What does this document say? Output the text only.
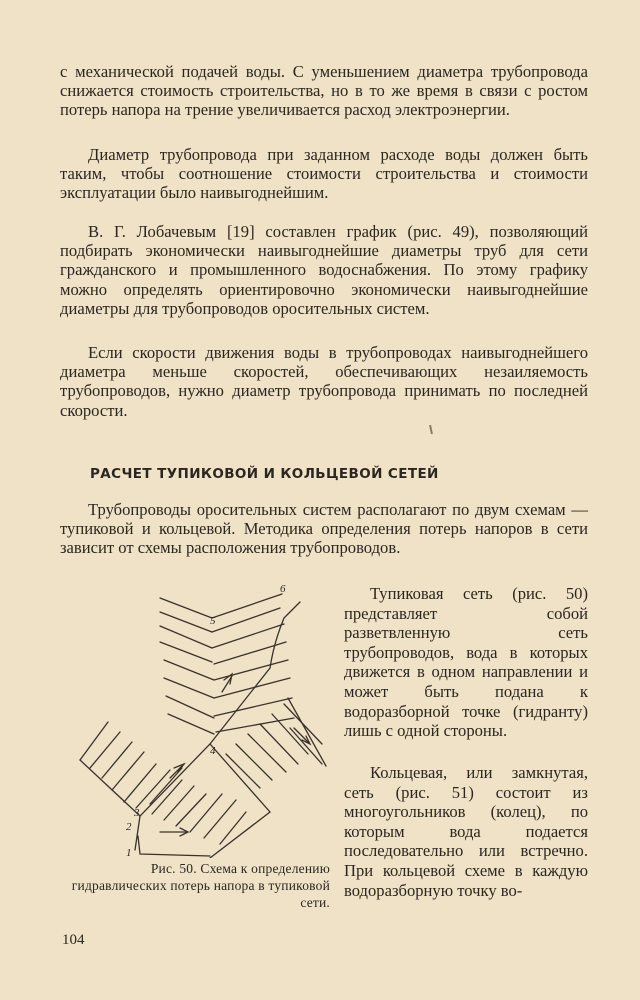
с механической подачей воды. С уменьшением диаметра трубопровода снижается стоимость строительства, но в то же время в связи с ростом потерь напора на трение увеличивается расход электроэнергии.

Диаметр трубопровода при заданном расходе воды должен быть таким, чтобы соотношение стоимости строительства и стоимости эксплуатации было наивыгоднейшим.

В. Г. Лобачевым [19] составлен график (рис. 49), позволяющий подбирать экономически наивыгоднейшие диаметры труб для сети гражданского и промышленного водоснабжения. По этому графику можно определять ориентировочно экономически наивыгоднейшие диаметры для трубопроводов оросительных систем.

Если скорости движения воды в трубопроводах наивыгоднейшего диаметра меньше скоростей, обеспечивающих незаиляемость трубопроводов, нужно диаметр трубопровода принимать по последней скорости.

РАСЧЕТ ТУПИКОВОЙ И КОЛЬЦЕВОЙ СЕТЕЙ

Трубопроводы оросительных систем располагают по двум схемам — тупиковой и кольцевой. Методика определения потерь напоров в сети зависит от схемы расположения трубопроводов.

1
2
3
4
5
6	Тупиковая сеть (рис. 50) представляет собой разветвленную сеть трубопроводов, вода в которых движется в одном направлении и может быть подана к водоразборной точке (гидранту) лишь с одной стороны.

Кольцевая, или замкнутая, сеть (рис. 51) состоит из многоугольников (колец), по которым вода подается последовательно или встречно. При кольцевой схеме в каждую водоразборную точку во-

Рис. 50. Схема к определению гидравлических потерь напора в тупиковой сети.

104
